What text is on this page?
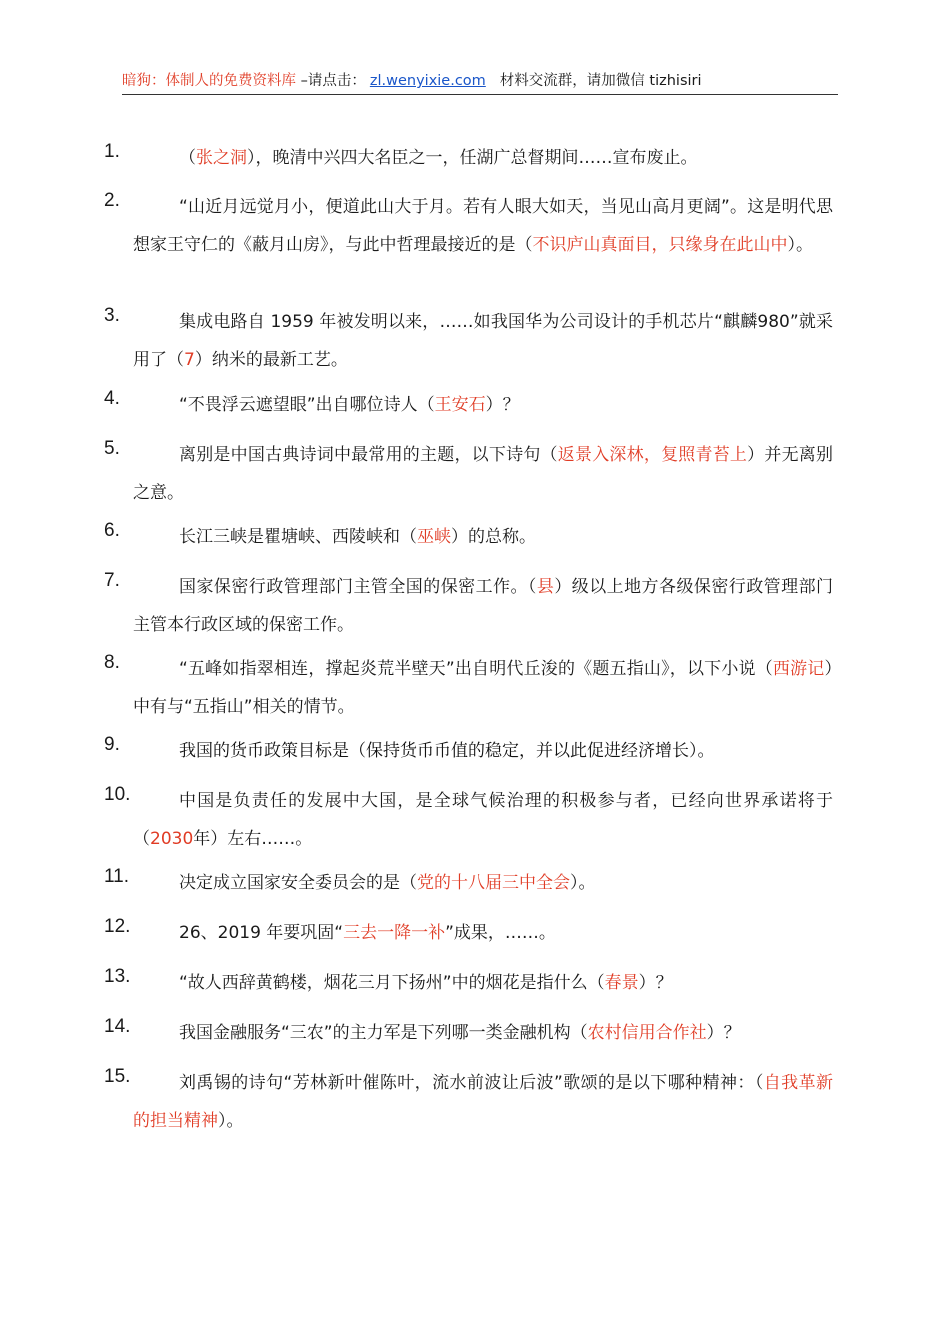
暗狗：体制人的免费资料库 –请点击： zl.wenyixie.com 材料交流群，请加微信 tizhisiri
1.	（张之洞），晚清中兴四大名臣之一，任湖广总督期间……宣布废止。
2.	“山近月远觉月小，便道此山大于月。若有人眼大如天，当见山高月更阔”。这是明代思想家王守仁的《蔽月山房》，与此中哲理最接近的是（不识庐山真面目，只缘身在此山中）。
3.	集成电路自 1959 年被发明以来，……如我国华为公司设计的手机芯片“麒麟980”就采用了（7）纳米的最新工艺。
4.	“不畏浮云遮望眼”出自哪位诗人（王安石）？
5.	离别是中国古典诗词中最常用的主题，以下诗句（返景入深林，复照青苔上）并无离别之意。
6.	长江三峡是瞿塘峡、西陵峡和（巫峡）的总称。
7.	国家保密行政管理部门主管全国的保密工作。（县）级以上地方各级保密行政管理部门主管本行政区域的保密工作。
8.	“五峰如指翠相连，撑起炎荒半壁天”出自明代丘浚的《题五指山》，以下小说（西游记）中有与“五指山”相关的情节。
9.	我国的货币政策目标是（保持货币币值的稳定，并以此促进经济增长）。
10.	中国是负责任的发展中大国，是全球气候治理的积极参与者，已经向世界承诺将于（2030年）左右……。
11.	决定成立国家安全委员会的是（党的十八届三中全会）。
12.	26、2019 年要巩固“三去一降一补”成果，……。
13.	“故人西辞黄鹤楼，烟花三月下扬州”中的烟花是指什么（春景）？
14.	我国金融服务“三农”的主力军是下列哪一类金融机构（农村信用合作社）？
15.	刘禹锡的诗句“芳林新叶催陈叶，流水前波让后波”歌颂的是以下哪种精神：（自我革新的担当精神）。
